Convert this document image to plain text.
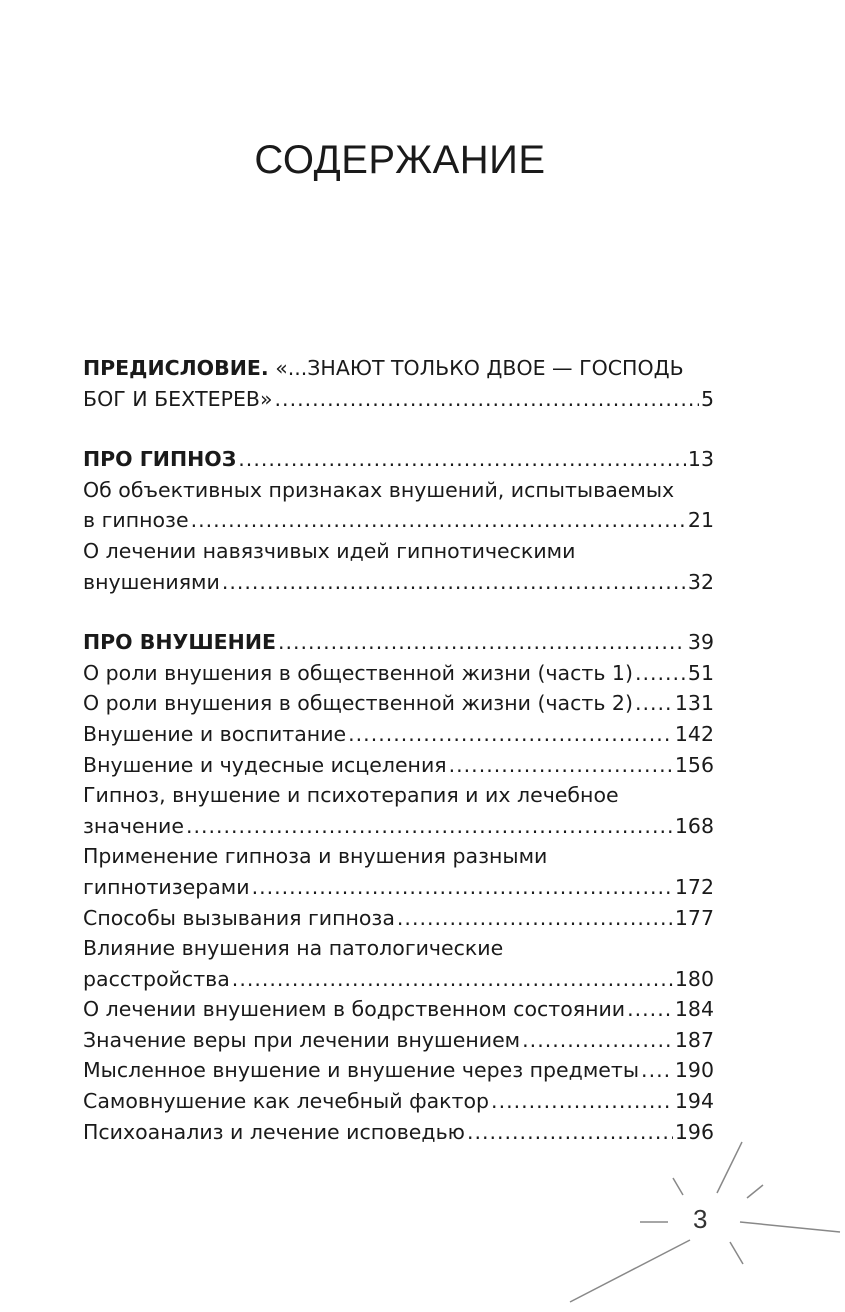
СОДЕРЖАНИЕ
ПРЕДИСЛОВИЕ. «...ЗНАЮТ ТОЛЬКО ДВОЕ — ГОСПОДЬ
БОГ И БЕХТЕРЕВ» .....	5
ПРО ГИПНОЗ .....	13
Об объективных признаках внушений, испытываемых
в гипнозе .....	21
О лечении навязчивых идей гипнотическими
внушениями .....	32
ПРО ВНУШЕНИЕ .....	39
О роли внушения в общественной жизни (часть 1) .....	51
О роли внушения в общественной жизни (часть 2) ..... 131
Внушение и воспитание .....	142
Внушение и чудесные исцеления .....	156
Гипноз, внушение и психотерапия и их лечебное
значение .....	168
Применение гипноза и внушения разными
гипнотизерами .....	172
Способы вызывания гипноза .....	177
Влияние внушения на патологические
расстройства .....	180
О лечении внушением в бодрственном состоянии ..... 184
Значение веры при лечении внушением .....	187
Мысленное внушение и внушение через предметы ..... 190
Самовнушение как лечебный фактор .....	194
Психоанализ и лечение исповедью .....	196
3
